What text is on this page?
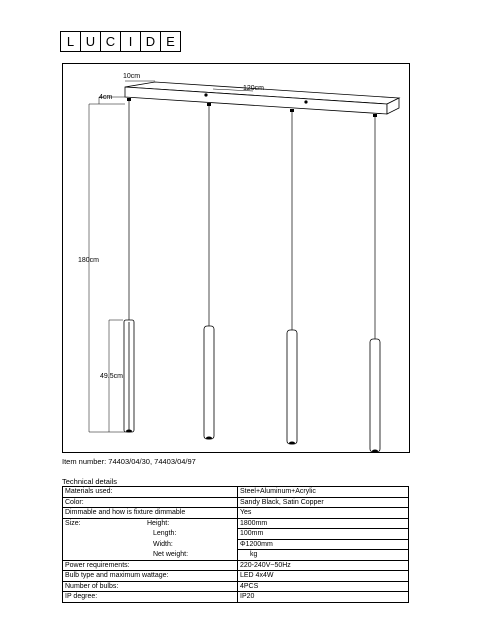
L U C	I	D E
10cm
4cm
120cm
180cm
49.5cm
Item number: 74403/04/30, 74403/04/97
Technical details
Materials used:	Steel+Aluminum+Acrylic
Color:	Sandy Black, Satin Copper
Dimmable and how is fixture dimmable	Yes
Size: Height:	1800mm
Length:	100mm
Width:	Φ1200mm
Net weight:	kg
Power requirements:	220-240V~50Hz
Bulb type and maximum wattage:	LED 4x4W
Number of bulbs:	4PCS
IP degree:	IP20
